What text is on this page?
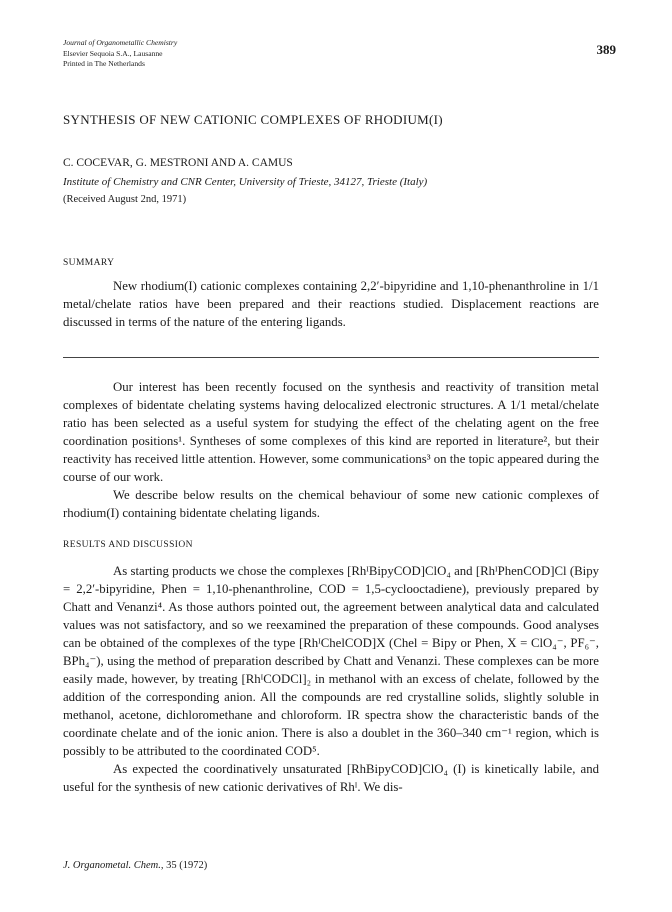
Journal of Organometallic Chemistry
Elsevier Sequoia S.A., Lausanne
Printed in The Netherlands
389
SYNTHESIS OF NEW CATIONIC COMPLEXES OF RHODIUM(I)
C. COCEVAR, G. MESTRONI AND A. CAMUS
Institute of Chemistry and CNR Center, University of Trieste, 34127, Trieste (Italy)
(Received August 2nd, 1971)
SUMMARY

New rhodium(I) cationic complexes containing 2,2′-bipyridine and 1,10-phenanthroline in 1/1 metal/chelate ratios have been prepared and their reactions studied. Displacement reactions are discussed in terms of the nature of the entering ligands.

Our interest has been recently focused on the synthesis and reactivity of transition metal complexes of bidentate chelating systems having delocalized electronic structures. A 1/1 metal/chelate ratio has been selected as a useful system for studying the effect of the chelating agent on the free coordination positions¹. Syntheses of some complexes of this kind are reported in literature², but their reactivity has received little attention. However, some communications³ on the topic appeared during the course of our work.

We describe below results on the chemical behaviour of some new cationic complexes of rhodium(I) containing bidentate chelating ligands.

RESULTS AND DISCUSSION

As starting products we chose the complexes [RhᴵBipyCOD]ClO₄ and [RhᴵPhenCOD]Cl (Bipy = 2,2′-bipyridine, Phen = 1,10-phenanthroline, COD = 1,5-cyclooctadiene), previously prepared by Chatt and Venanzi⁴. As those authors pointed out, the agreement between analytical data and calculated values was not satisfactory, and so we reexamined the preparation of these compounds. Good analyses can be obtained of the complexes of the type [RhᴵChelCOD]X (Chel = Bipy or Phen, X = ClO₄⁻, PF₆⁻, BPh₄⁻), using the method of preparation described by Chatt and Venanzi. These complexes can be more easily made, however, by treating [RhᴵCODCl]₂ in methanol with an excess of chelate, followed by the addition of the corresponding anion. All the compounds are red crystalline solids, slightly soluble in methanol, acetone, dichloromethane and chloroform. IR spectra show the characteristic bands of the coordinate chelate and of the ionic anion. There is also a doublet in the 360–340 cm⁻¹ region, which is possibly to be attributed to the coordinated COD⁵.

As expected the coordinatively unsaturated [RhBipyCOD]ClO₄ (I) is kinetically labile, and useful for the synthesis of new cationic derivatives of Rhᴵ. We dis-

J. Organometal. Chem., 35 (1972)
